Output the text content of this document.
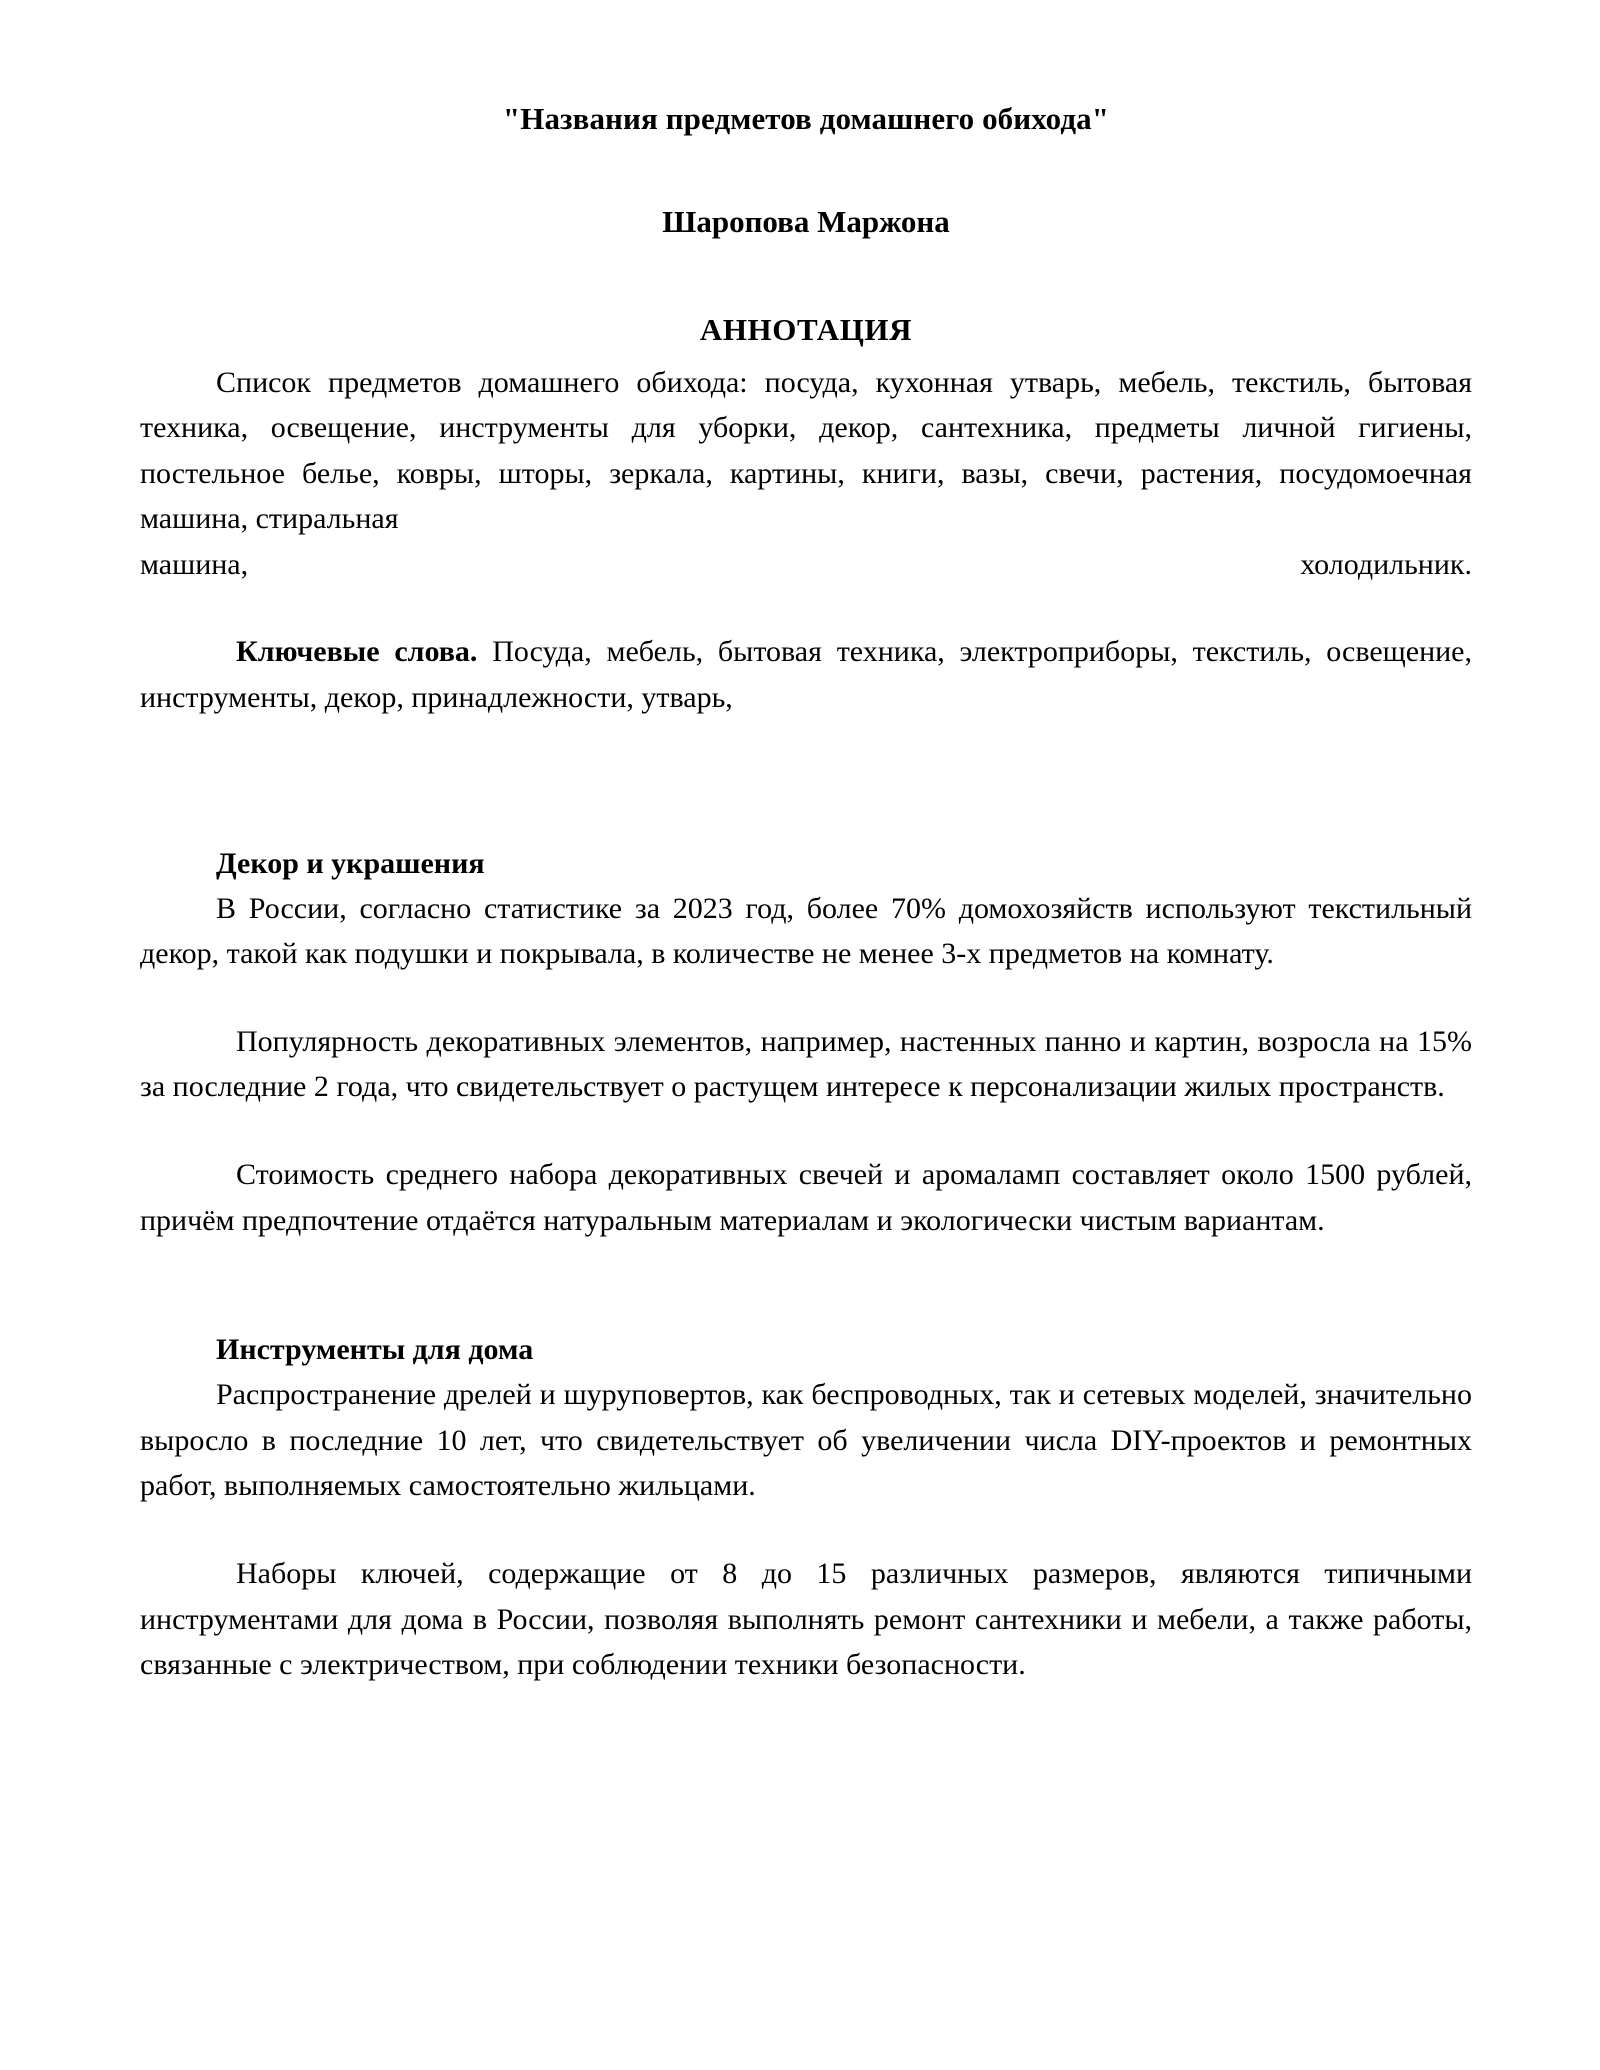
"Названия предметов домашнего обихода"
Шаропова Маржона
АННОТАЦИЯ

Список предметов домашнего обихода: посуда, кухонная утварь, мебель, текстиль, бытовая техника, освещение, инструменты для уборки, декор, сантехника, предметы личной гигиены, постельное белье, ковры, шторы, зеркала, картины, книги, вазы, свечи, растения, посудомоечная машина, стиральная

машина,	холодильник.

Ключевые слова. Посуда, мебель, бытовая техника, электроприборы, текстиль, освещение, инструменты, декор, принадлежности, утварь,

Декор и украшения

В России, согласно статистике за 2023 год, более 70% домохозяйств используют текстильный декор, такой как подушки и покрывала, в количестве не менее 3-х предметов на комнату.

Популярность декоративных элементов, например, настенных панно и картин, возросла на 15% за последние 2 года, что свидетельствует о растущем интересе к персонализации жилых пространств.

Стоимость среднего набора декоративных свечей и аромаламп составляет около 1500 рублей, причём предпочтение отдаётся натуральным материалам и экологически чистым вариантам.

Инструменты для дома

Распространение дрелей и шуруповертов, как беспроводных, так и сетевых моделей, значительно выросло в последние 10 лет, что свидетельствует об увеличении числа DIY-проектов и ремонтных работ, выполняемых самостоятельно жильцами.

Наборы ключей, содержащие от 8 до 15 различных размеров, являются типичными инструментами для дома в России, позволяя выполнять ремонт сантехники и мебели, а также работы, связанные с электричеством, при соблюдении техники безопасности.
